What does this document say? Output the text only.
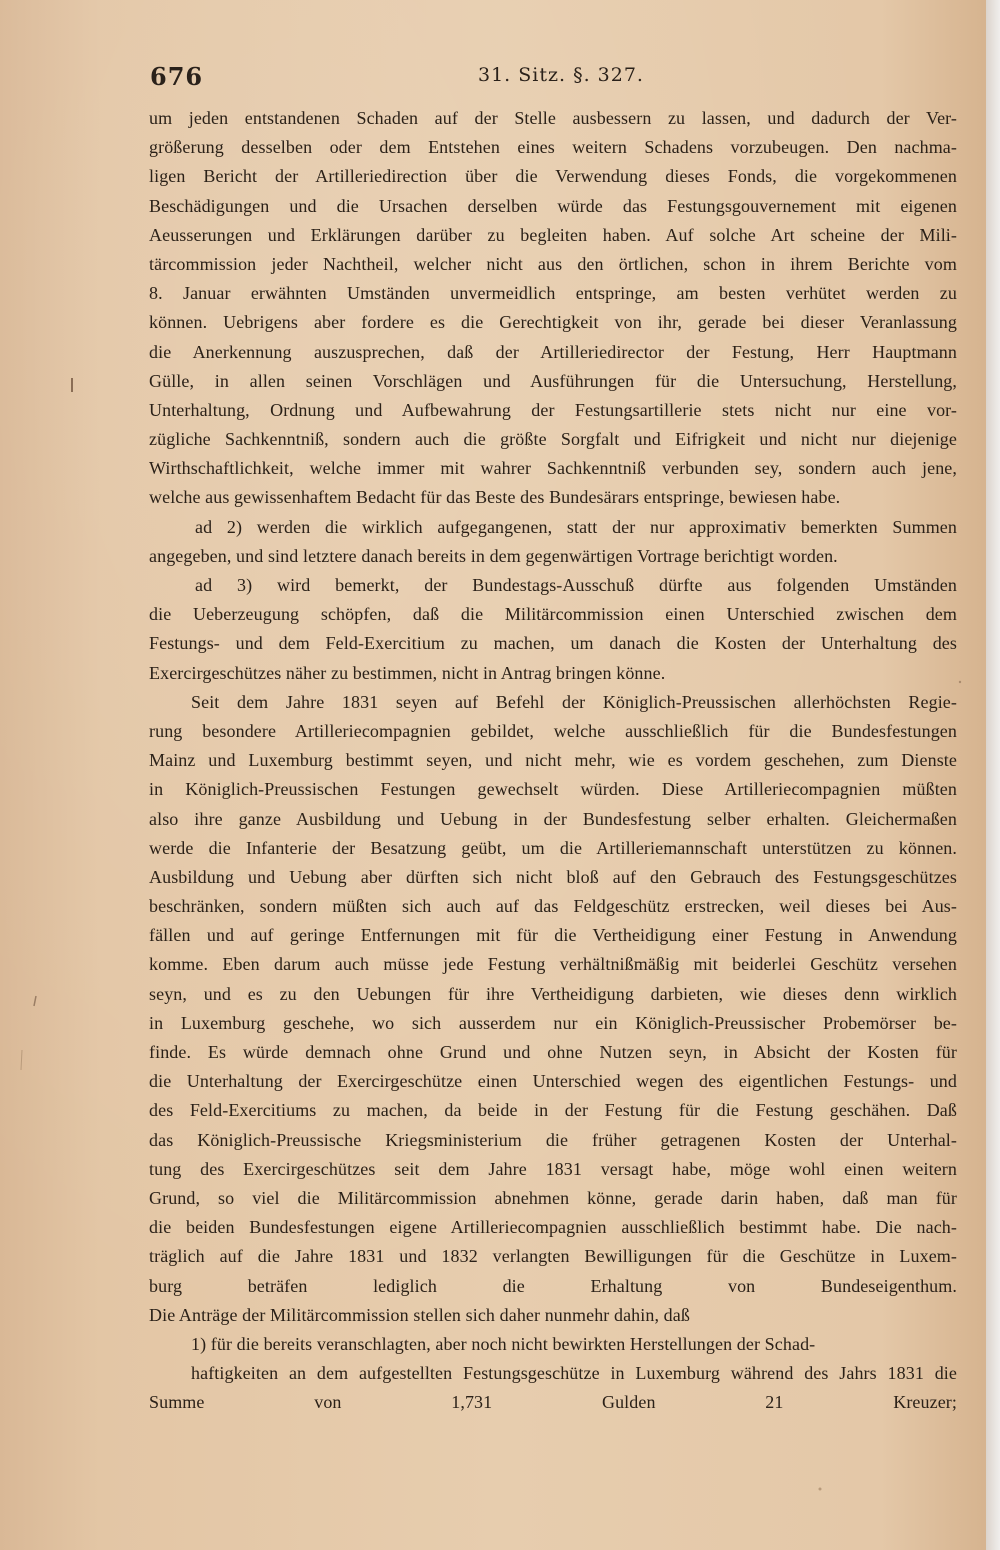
676	31. Sitz. §. 327.
um jeden entstandenen Schaden auf der Stelle ausbessern zu lassen, und dadurch der Ver-
größerung desselben oder dem Entstehen eines weitern Schadens vorzubeugen. Den nachma-
ligen Bericht der Artilleriedirection über die Verwendung dieses Fonds, die vorgekommenen
Beschädigungen und die Ursachen derselben würde das Festungsgouvernement mit eigenen
Aeusserungen und Erklärungen darüber zu begleiten haben. Auf solche Art scheine der Mili-
tärcommission jeder Nachtheil, welcher nicht aus den örtlichen, schon in ihrem Berichte vom
8. Januar erwähnten Umständen unvermeidlich entspringe, am besten verhütet werden zu
können. Uebrigens aber fordere es die Gerechtigkeit von ihr, gerade bei dieser Veranlassung
die Anerkennung auszusprechen, daß der Artilleriedirector der Festung, Herr Hauptmann
Gülle, in allen seinen Vorschlägen und Ausführungen für die Untersuchung, Herstellung,
Unterhaltung, Ordnung und Aufbewahrung der Festungsartillerie stets nicht nur eine vor-
zügliche Sachkenntniß, sondern auch die größte Sorgfalt und Eifrigkeit und nicht nur diejenige
Wirthschaftlichkeit, welche immer mit wahrer Sachkenntniß verbunden sey, sondern auch jene,
welche aus gewissenhaftem Bedacht für das Beste des Bundesärars entspringe, bewiesen habe.
ad 2) werden die wirklich aufgegangenen, statt der nur approximativ bemerkten Summen
angegeben, und sind letztere danach bereits in dem gegenwärtigen Vortrage berichtigt worden.
ad 3) wird bemerkt, der Bundestags-Ausschuß dürfte aus folgenden Umständen
die Ueberzeugung schöpfen, daß die Militärcommission einen Unterschied zwischen dem
Festungs- und dem Feld-Exercitium zu machen, um danach die Kosten der Unterhaltung des
Exercirgeschützes näher zu bestimmen, nicht in Antrag bringen könne.
Seit dem Jahre 1831 seyen auf Befehl der Königlich-Preussischen allerhöchsten Regie-
rung besondere Artilleriecompagnien gebildet, welche ausschließlich für die Bundesfestungen
Mainz und Luxemburg bestimmt seyen, und nicht mehr, wie es vordem geschehen, zum Dienste
in Königlich-Preussischen Festungen gewechselt würden. Diese Artilleriecompagnien müßten
also ihre ganze Ausbildung und Uebung in der Bundesfestung selber erhalten. Gleichermaßen
werde die Infanterie der Besatzung geübt, um die Artilleriemannschaft unterstützen zu können.
Ausbildung und Uebung aber dürften sich nicht bloß auf den Gebrauch des Festungsgeschützes
beschränken, sondern müßten sich auch auf das Feldgeschütz erstrecken, weil dieses bei Aus-
fällen und auf geringe Entfernungen mit für die Vertheidigung einer Festung in Anwendung
komme. Eben darum auch müsse jede Festung verhältnißmäßig mit beiderlei Geschütz versehen
seyn, und es zu den Uebungen für ihre Vertheidigung darbieten, wie dieses denn wirklich
in Luxemburg geschehe, wo sich ausserdem nur ein Königlich-Preussischer Probemörser be-
finde. Es würde demnach ohne Grund und ohne Nutzen seyn, in Absicht der Kosten für
die Unterhaltung der Exercirgeschütze einen Unterschied wegen des eigentlichen Festungs- und
des Feld-Exercitiums zu machen, da beide in der Festung für die Festung geschähen. Daß
das Königlich-Preussische Kriegsministerium die früher getragenen Kosten der Unterhal-
tung des Exercirgeschützes seit dem Jahre 1831 versagt habe, möge wohl einen weitern
Grund, so viel die Militärcommission abnehmen könne, gerade darin haben, daß man für
die beiden Bundesfestungen eigene Artilleriecompagnien ausschließlich bestimmt habe. Die nach-
träglich auf die Jahre 1831 und 1832 verlangten Bewilligungen für die Geschütze in Luxem-
burg beträfen lediglich die Erhaltung von Bundeseigenthum.
Die Anträge der Militärcommission stellen sich daher nunmehr dahin, daß
1) für die bereits veranschlagten, aber noch nicht bewirkten Herstellungen der Schad-
haftigkeiten an dem aufgestellten Festungsgeschütze in Luxemburg während des Jahrs 1831 die
Summe von 1,731 Gulden 21 Kreuzer;
